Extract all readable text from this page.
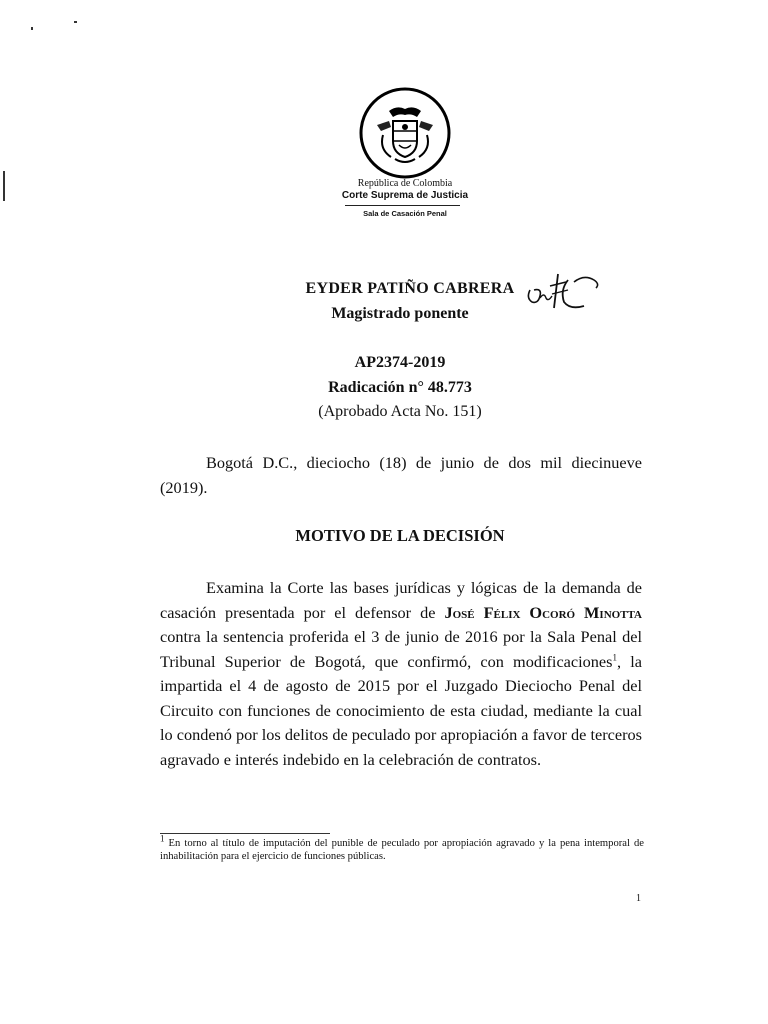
República de Colombia
Corte Suprema de Justicia
Sala de Casación Penal
EYDER PATIÑO CABRERA
Magistrado ponente
AP2374-2019
Radicación n° 48.773
(Aprobado Acta No. 151)
Bogotá D.C., dieciocho (18) de junio de dos mil diecinueve (2019).
MOTIVO DE LA DECISIÓN
Examina la Corte las bases jurídicas y lógicas de la demanda de casación presentada por el defensor de José Félix Ocoró Minotta contra la sentencia proferida el 3 de junio de 2016 por la Sala Penal del Tribunal Superior de Bogotá, que confirmó, con modificaciones$^1$, la impartida el 4 de agosto de 2015 por el Juzgado Dieciocho Penal del Circuito con funciones de conocimiento de esta ciudad, mediante la cual lo condenó por los delitos de peculado por apropiación a favor de terceros agravado e interés indebido en la celebración de contratos.
$^1$ En torno al título de imputación del punible de peculado por apropiación agravado y la pena intemporal de inhabilitación para el ejercicio de funciones públicas.
1
